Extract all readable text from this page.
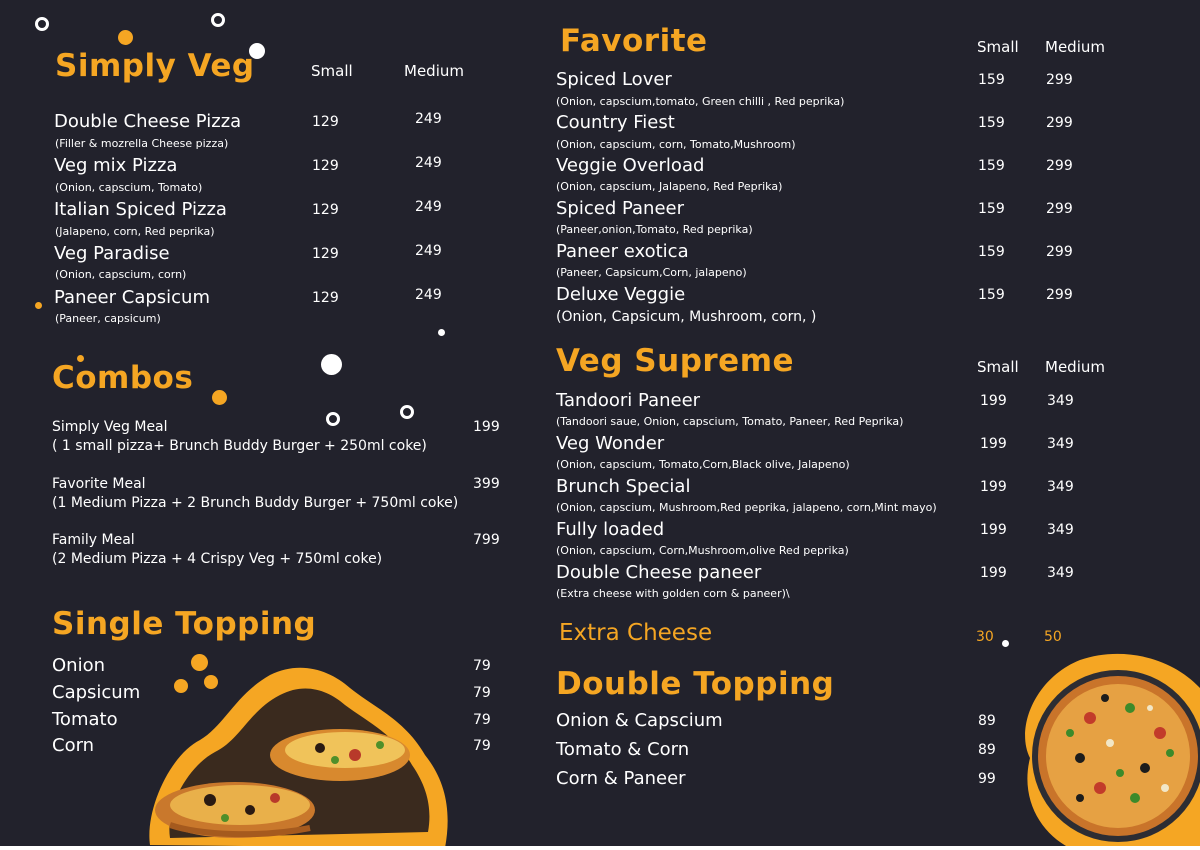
Simply Veg	Small	Medium
Double Cheese Pizza
(Filler & mozrella Cheese pizza)
129	249
Veg mix Pizza
(Onion, capscium, Tomato)
129	249
Italian Spiced Pizza
(Jalapeno, corn, Red peprika)
129	249
Veg Paradise
(Onion, capscium, corn)
129	249
Paneer Capsicum
(Paneer, capsicum)
129	249
Combos
Simply Veg Meal
( 1 small pizza+ Brunch Buddy Burger + 250ml coke)
199
Favorite Meal
(1 Medium Pizza + 2 Brunch Buddy Burger + 750ml coke)
399
Family Meal
(2 Medium Pizza + 4 Crispy Veg + 750ml coke)
799
Single Topping
Onion	79
Capsicum	79
Tomato	79
Corn	79
Favorite	Small Medium
Spiced Lover
(Onion, capscium,tomato, Green chilli , Red peprika)
159	299
Country Fiest
(Onion, capscium, corn, Tomato,Mushroom)
159	299
Veggie Overload
(Onion, capscium, Jalapeno, Red Peprika)
159	299
Spiced Paneer
(Paneer,onion,Tomato, Red peprika)
159	299
Paneer exotica
(Paneer, Capsicum,Corn, jalapeno)
159	299
Deluxe Veggie
(Onion, Capsicum, Mushroom, corn, )
159	299
Veg Supreme	Small Medium
Tandoori Paneer
(Tandoori saue, Onion, capscium, Tomato, Paneer, Red Peprika)
199	349
Veg Wonder
(Onion, capscium, Tomato,Corn,Black olive, Jalapeno)
199	349
Brunch Special
(Onion, capscium, Mushroom,Red peprika, jalapeno, corn,Mint mayo)
199	349
Fully loaded
(Onion, capscium, Corn,Mushroom,olive Red peprika)
199	349
Double Cheese paneer
(Extra cheese with golden corn & paneer)\
199	349
Extra Cheese	30	50
Double Topping
Onion & Capscium	89
Tomato & Corn	89
Corn & Paneer	99
